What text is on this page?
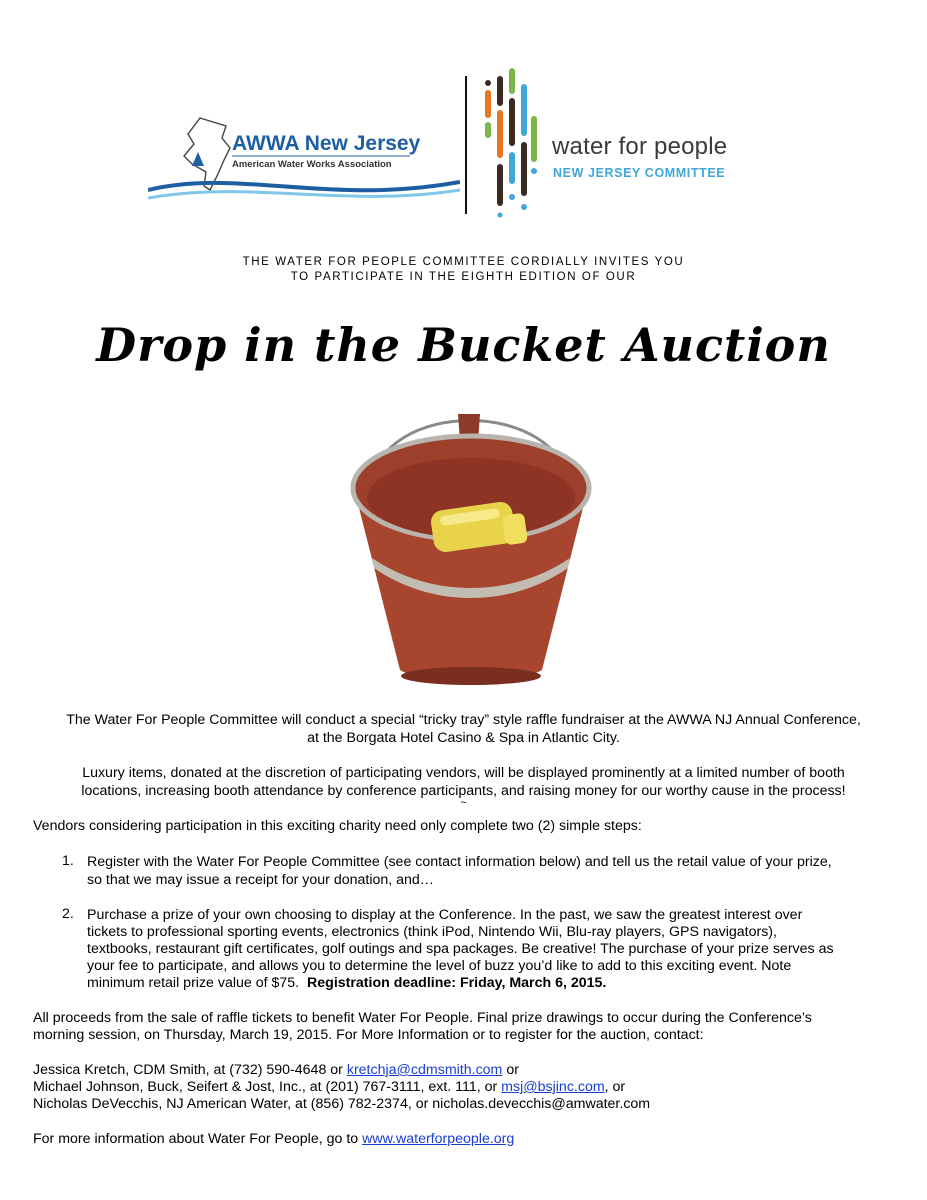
AWWA New Jersey
American Water Works Association
water for people
NEW JERSEY COMMITTEE
THE WATER FOR PEOPLE COMMITTEE CORDIALLY INVITES YOU
TO PARTICIPATE IN THE EIGHTH EDITION OF OUR
Drop in the Bucket Auction
The Water For People Committee will conduct a special “tricky tray” style raffle fundraiser at the AWWA NJ Annual Conference,
at the Borgata Hotel Casino & Spa in Atlantic City.
Luxury items, donated at the discretion of participating vendors, will be displayed prominently at a limited number of booth
locations, increasing booth attendance by conference participants, and raising money for our worthy cause in the process!
~
Vendors considering participation in this exciting charity need only complete two (2) simple steps:
1. Register with the Water For People Committee (see contact information below) and tell us the retail value of your prize,
so that we may issue a receipt for your donation, and…
2. Purchase a prize of your own choosing to display at the Conference. In the past, we saw the greatest interest over
tickets to professional sporting events, electronics (think iPod, Nintendo Wii, Blu-ray players, GPS navigators),
textbooks, restaurant gift certificates, golf outings and spa packages. Be creative! The purchase of your prize serves as
your fee to participate, and allows you to determine the level of buzz you’d like to add to this exciting event. Note
minimum retail prize value of $75. Registration deadline: Friday, March 6, 2015.
All proceeds from the sale of raffle tickets to benefit Water For People. Final prize drawings to occur during the Conference’s
morning session, on Thursday, March 19, 2015. For More Information or to register for the auction, contact:
Jessica Kretch, CDM Smith, at (732) 590-4648 or kretchja@cdmsmith.com or
Michael Johnson, Buck, Seifert & Jost, Inc., at (201) 767-3111, ext. 111, or msj@bsjinc.com, or
Nicholas DeVecchis, NJ American Water, at (856) 782-2374, or nicholas.devecchis@amwater.com
For more information about Water For People, go to www.waterforpeople.org
